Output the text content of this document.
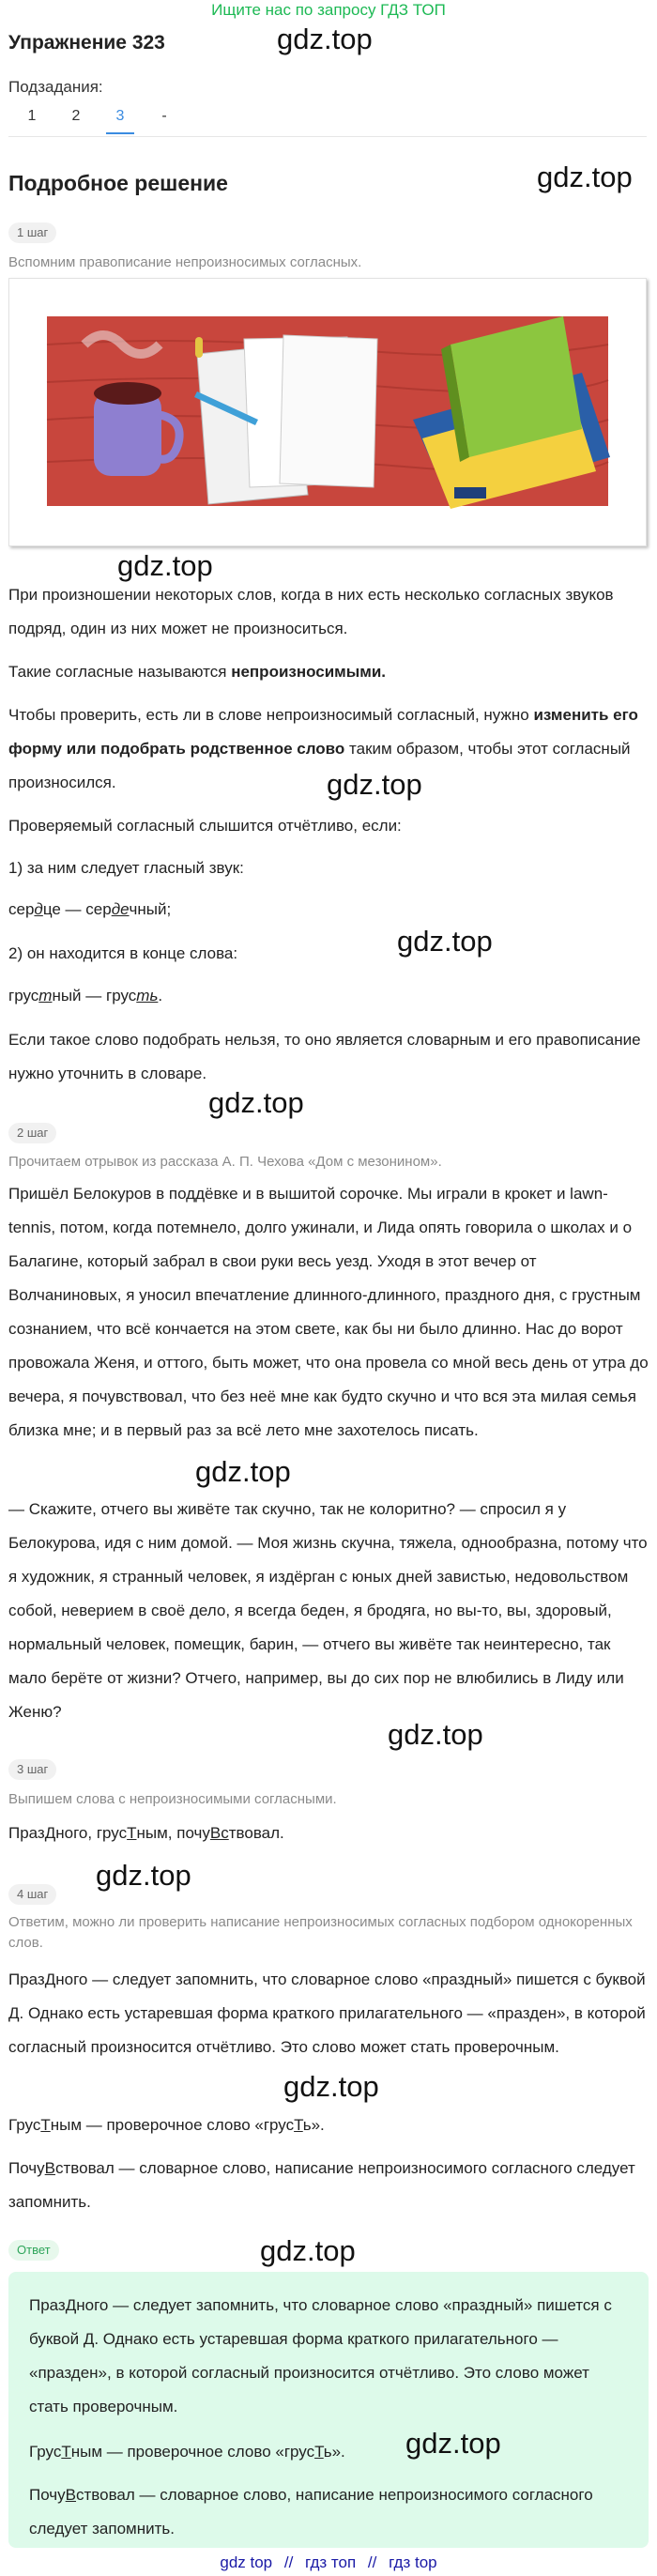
Ищите нас по запросу ГДЗ ТОП
Упражнение 323
Подзадания:
1	2	3	-
Подробное решение
1 шаг
Вспомним правописание непроизносимых согласных.
При произношении некоторых слов, когда в них есть несколько согласных звуков подряд, один из них может не произноситься.
Такие согласные называются непроизносимыми.
Чтобы проверить, есть ли в слове непроизносимый согласный, нужно изменить его форму или подобрать родственное слово таким образом, чтобы этот согласный произносился.
Проверяемый согласный слышится отчётливо, если:
1) за ним следует гласный звук:
сердце — сердечный;
2) он находится в конце слова:
грустный — грусть.
Если такое слово подобрать нельзя, то оно является словарным и его правописание нужно уточнить в словаре.
2 шаг
Прочитаем отрывок из рассказа А. П. Чехова «Дом с мезонином».
Пришёл Белокуров в поддёвке и в вышитой сорочке. Мы играли в крокет и lawn-tennis, потом, когда потемнело, долго ужинали, и Лида опять говорила о школах и о Балагине, который забрал в свои руки весь уезд. Уходя в этот вечер от Волчаниновых, я уносил впечатление длинного-длинного, праздного дня, с грустным сознанием, что всё кончается на этом свете, как бы ни было длинно. Нас до ворот провожала Женя, и оттого, быть может, что она провела со мной весь день от утра до вечера, я почувствовал, что без неё мне как будто скучно и что вся эта милая семья близка мне; и в первый раз за всё лето мне захотелось писать.
— Скажите, отчего вы живёте так скучно, так не колоритно? — спросил я у Белокурова, идя с ним домой. — Моя жизнь скучна, тяжела, однообразна, потому что я художник, я странный человек, я издёрган с юных дней завистью, недовольством собой, неверием в своё дело, я всегда беден, я бродяга, но вы-то, вы, здоровый, нормальный человек, помещик, барин, — отчего вы живёте так неинтересно, так мало берёте от жизни? Отчего, например, вы до сих пор не влюбились в Лиду или Женю?
3 шаг
Выпишем слова с непроизносимыми согласными.
ПразДного, грусТным, почуВствовал.
4 шаг
Ответим, можно ли проверить написание непроизносимых согласных подбором однокоренных слов.
ПразДного — следует запомнить, что словарное слово «праздный» пишется с буквой Д. Однако есть устаревшая форма краткого прилагательного — «празден», в которой согласный произносится отчётливо. Это слово может стать проверочным.
ГрусТным — проверочное слово «грусТь».
ПочуВствовал — словарное слово, написание непроизносимого согласного следует запомнить.
Ответ
ПразДного — следует запомнить, что словарное слово «праздный» пишется с буквой Д. Однако есть устаревшая форма краткого прилагательного — «празден», в которой согласный произносится отчётливо. Это слово может стать проверочным.
ГрусТным — проверочное слово «грусТь».
ПочуВствовал — словарное слово, написание непроизносимого согласного следует запомнить.
gdz.top
gdz.top
gdz.top
gdz.top
gdz.top
gdz.top
gdz.top
gdz.top
gdz.top
gdz.top
gdz.top
gdz.top
gdz top // гдз топ // гдз top
